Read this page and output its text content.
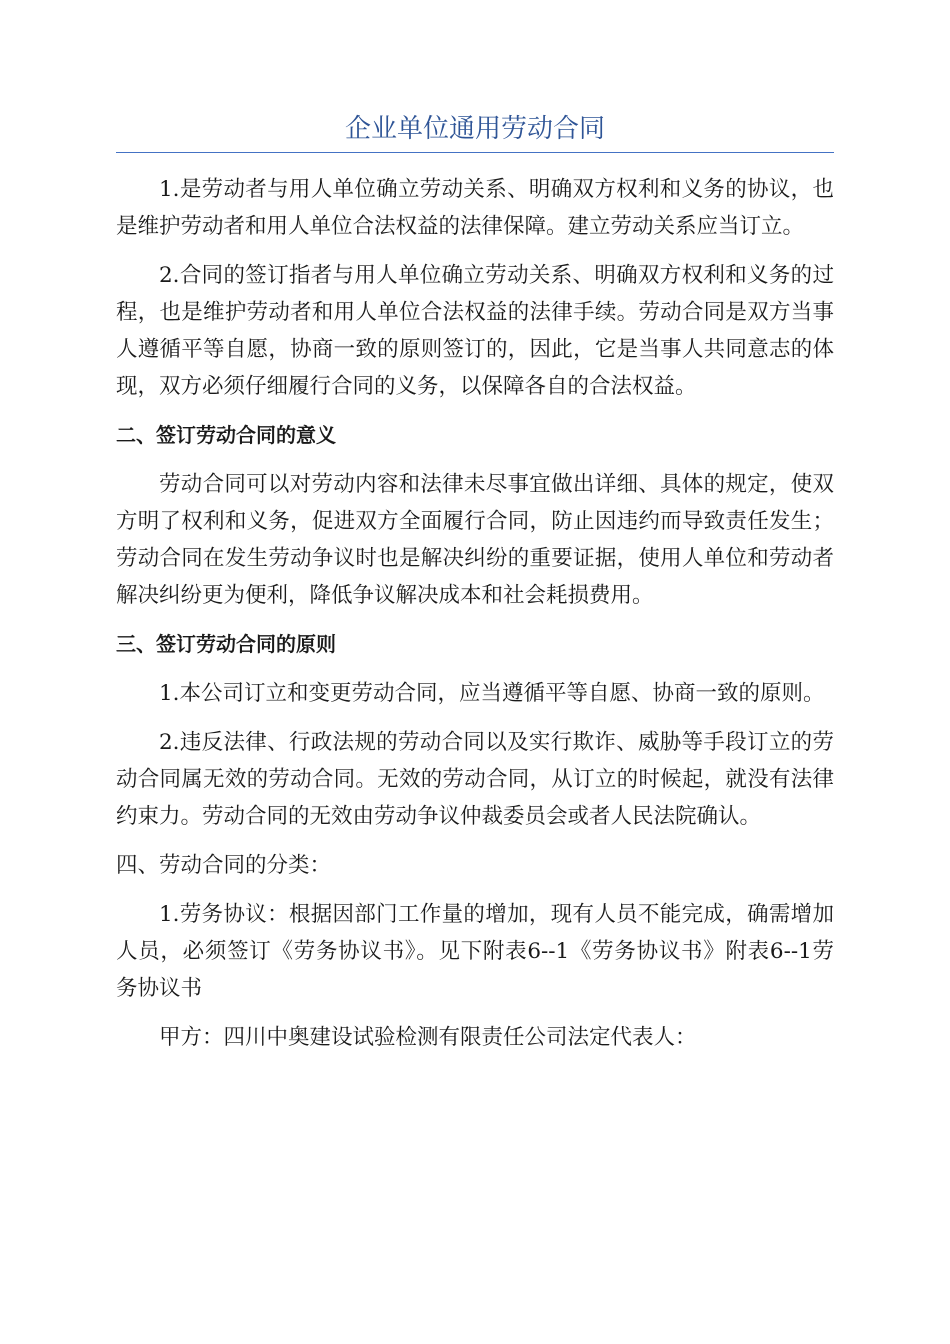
企业单位通用劳动合同

1.是劳动者与用人单位确立劳动关系、明确双方权利和义务的协议，也是维护劳动者和用人单位合法权益的法律保障。建立劳动关系应当订立。

2.合同的签订指者与用人单位确立劳动关系、明确双方权利和义务的过程，也是维护劳动者和用人单位合法权益的法律手续。劳动合同是双方当事人遵循平等自愿，协商一致的原则签订的，因此，它是当事人共同意志的体现，双方必须仔细履行合同的义务，以保障各自的合法权益。

二、签订劳动合同的意义

劳动合同可以对劳动内容和法律未尽事宜做出详细、具体的规定，使双方明了权利和义务，促进双方全面履行合同，防止因违约而导致责任发生；劳动合同在发生劳动争议时也是解决纠纷的重要证据，使用人单位和劳动者解决纠纷更为便利，降低争议解决成本和社会耗损费用。

三、签订劳动合同的原则

1.本公司订立和变更劳动合同，应当遵循平等自愿、协商一致的原则。

2.违反法律、行政法规的劳动合同以及实行欺诈、威胁等手段订立的劳动合同属无效的劳动合同。无效的劳动合同，从订立的时候起，就没有法律约束力。劳动合同的无效由劳动争议仲裁委员会或者人民法院确认。

四、劳动合同的分类：

1.劳务协议：根据因部门工作量的增加，现有人员不能完成，确需增加人员，必须签订《劳务协议书》。见下附表6--1《劳务协议书》附表6--1劳务协议书

甲方：四川中奥建设试验检测有限责任公司法定代表人：
